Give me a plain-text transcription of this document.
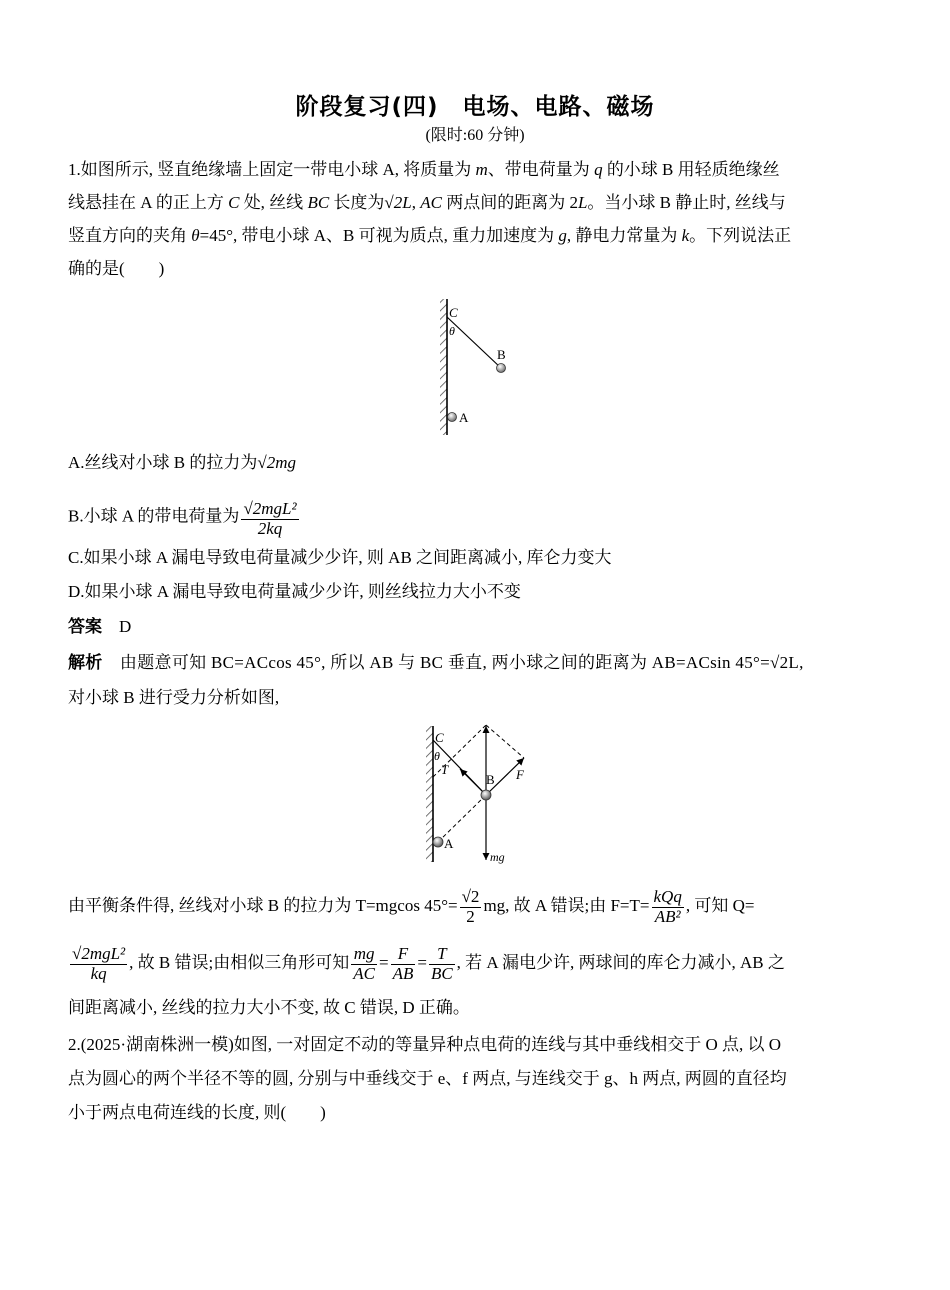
阶段复习(四)　电场、电路、磁场
(限时:60 分钟)
1.如图所示, 竖直绝缘墙上固定一带电小球 A, 将质量为 m、带电荷量为 q 的小球 B 用轻质绝缘丝
线悬挂在 A 的正上方 C 处, 丝线 BC 长度为√2L, AC 两点间的距离为 2L。当小球 B 静止时, 丝线与
竖直方向的夹角 θ=45°, 带电小球 A、B 可视为质点, 重力加速度为 g, 静电力常量为 k。下列说法正
确的是(　　)
C
θ
B
A
A.丝线对小球 B 的拉力为√2mg
B.小球 A 的带电荷量为 $\frac{\text{√2mgL²}}{2kq}$
C.如果小球 A 漏电导致电荷量减少少许, 则 AB 之间距离减小, 库仑力变大
D.如果小球 A 漏电导致电荷量减少少许, 则丝线拉力大小不变
答案　 D
解析　 由题意可知 BC=ACcos 45°, 所以 AB 与 BC 垂直, 两小球之间的距离为 AB=ACsin 45°=√2L,
对小球 B 进行受力分析如图,
C
θ
T
B F
A
mg
由平衡条件得, 丝线对小球 B 的拉力为 T=mgcos $45^\circ= \frac{√2}{2}$ mg, 故 A 错误;由 $F=T= \frac{\text{kQq}}{\text{AB²}}$ , 可知 Q=
$\frac{\text{√2mgL²}}{kq}$ , 故 B 错误;由相似三角形可知 $\frac{mg}{AC} = \frac{F}{AB} = \frac{T}{BC}$ , 若 A 漏电少许, 两球间的库仑力减小, AB 之
间距离减小, 丝线的拉力大小不变, 故 C 错误, D 正确。
2.(2025·湖南株洲一模)如图, 一对固定不动的等量异种点电荷的连线与其中垂线相交于 O 点, 以 O
点为圆心的两个半径不等的圆, 分别与中垂线交于 e、f 两点, 与连线交于 g、h 两点, 两圆的直径均
小于两点电荷连线的长度, 则(　　)
